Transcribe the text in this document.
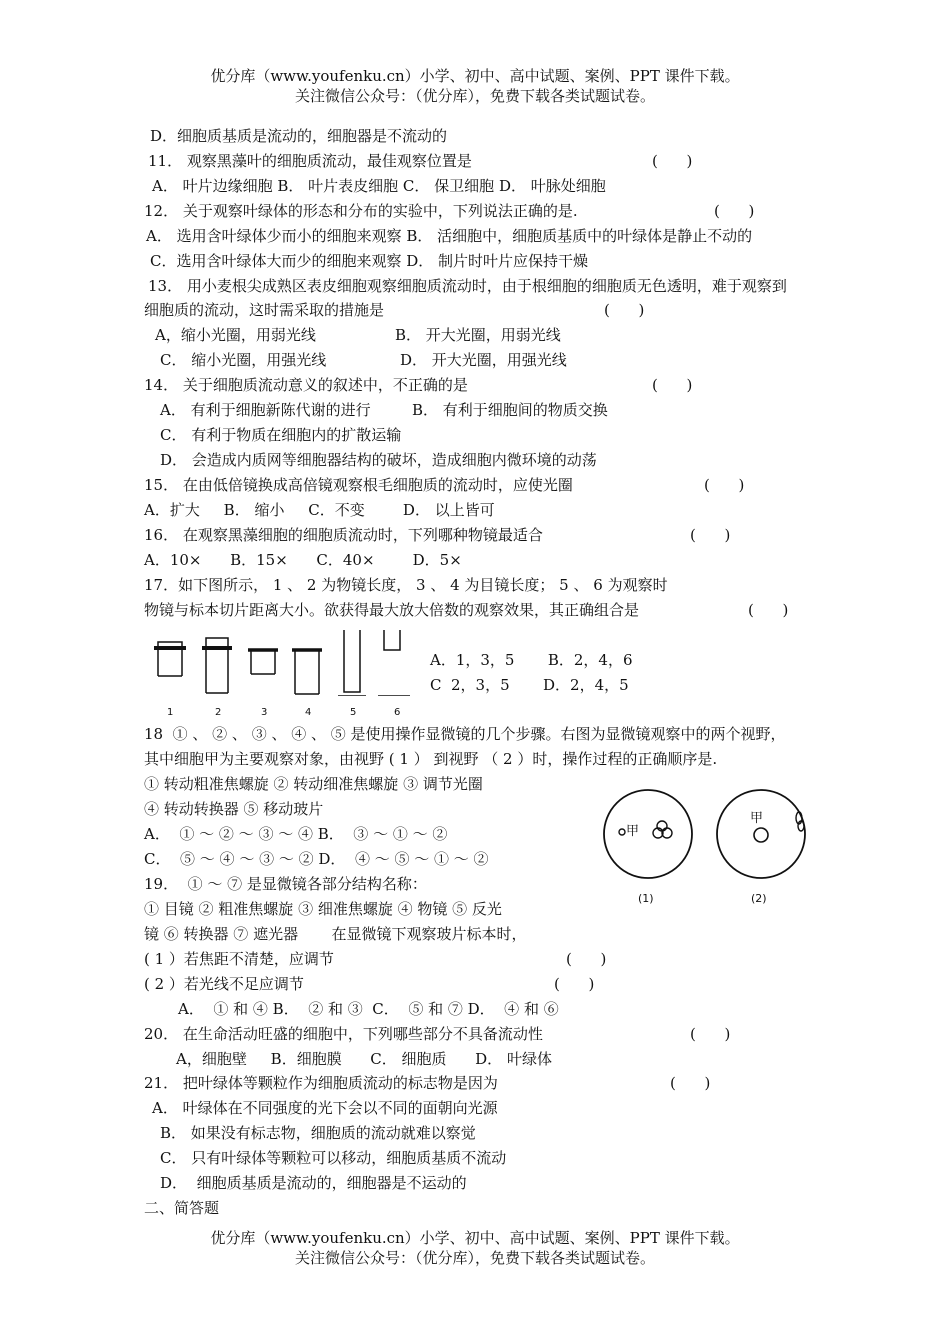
优分库（www.youfenku.cn）小学、初中、高中试题、案例、PPT 课件下载。
关注微信公众号：（优分库），免费下载各类试题试卷。
D．细胞质基质是流动的，细胞器是不流动的
11． 观察黑藻叶的细胞质流动，最佳观察位置是	(      )
A． 叶片边缘细胞 B． 叶片表皮细胞 C． 保卫细胞 D． 叶脉处细胞
12． 关于观察叶绿体的形态和分布的实验中，下列说法正确的是.	(      )
A． 选用含叶绿体少而小的细胞来观察 B． 活细胞中，细胞质基质中的叶绿体是静止不动的
C．选用含叶绿体大而少的细胞来观察 D． 制片时叶片应保持干燥
13． 用小麦根尖成熟区表皮细胞观察细胞质流动时，由于根细胞的细胞质无色透明，难于观察到
细胞质的流动，这时需采取的措施是	(      )
A，缩小光圈，用弱光线	B． 开大光圈，用弱光线
C． 缩小光圈，用强光线	D． 开大光圈，用强光线
14． 关于细胞质流动意义的叙述中，不正确的是	(      )
A． 有利于细胞新陈代谢的进行	B． 有利于细胞间的物质交换
C． 有利于物质在细胞内的扩散运输
D． 会造成内质网等细胞器结构的破坏，造成细胞内微环境的动荡
15． 在由低倍镜换成高倍镜观察根毛细胞质的流动时，应使光圈	(      )
A．扩大     B． 缩小     C．不变        D． 以上皆可
16． 在观察黑藻细胞的细胞质流动时，下列哪种物镜最适合	(      )
A．10×      B．15×      C．40×        D．5×
17．如下图所示， 1 、 2 为物镜长度， 3 、 4 为目镜长度； 5 、 6 为观察时
物镜与标本切片距离大小。欲获得最大放大倍数的观察效果，其正确组合是	(      )
1	2	3	4	5	6
A．1，3，5       B．2，4，6
C  2，3，5       D．2，4，5
18  ① 、 ② 、 ③ 、 ④ 、 ⑤ 是使用操作显微镜的几个步骤。右图为显微镜观察中的两个视野，
其中细胞甲为主要观察对象，由视野 ( 1 ） 到视野 （ 2 ）时，操作过程的正确顺序是.
① 转动粗准焦螺旋 ② 转动细准焦螺旋 ③ 调节光圈
④ 转动转换器 ⑤ 移动玻片
A．  ① ～ ② ～ ③ ～ ④ B．  ③ ～ ① ～ ②
C．  ⑤ ～ ④ ～ ③ ～ ② D．  ④ ～ ⑤ ～ ① ～ ②
甲
甲
(1)	(2)
19．  ① ～ ⑦ 是显微镜各部分结构名称：
① 目镜 ② 粗准焦螺旋 ③ 细准焦螺旋 ④ 物镜 ⑤ 反光
镜 ⑥ 转换器 ⑦ 遮光器       在显微镜下观察玻片标本时，
( 1 ）若焦距不清楚，应调节	(      )
( 2 ）若光线不足应调节	(      )
A．  ① 和 ④ B．  ② 和 ③  C．  ⑤ 和 ⑦ D．  ④ 和 ⑥
20． 在生命活动旺盛的细胞中，下列哪些部分不具备流动性	(      )
A，细胞壁     B．细胞膜      C． 细胞质      D． 叶绿体
21． 把叶绿体等颗粒作为细胞质流动的标志物是因为	(      )
A． 叶绿体在不同强度的光下会以不同的面朝向光源
B． 如果没有标志物，细胞质的流动就难以察觉
C． 只有叶绿体等颗粒可以移动，细胞质基质不流动
D．  细胞质基质是流动的，细胞器是不运动的
二、简答题
优分库（www.youfenku.cn）小学、初中、高中试题、案例、PPT 课件下载。
关注微信公众号：（优分库），免费下载各类试题试卷。
